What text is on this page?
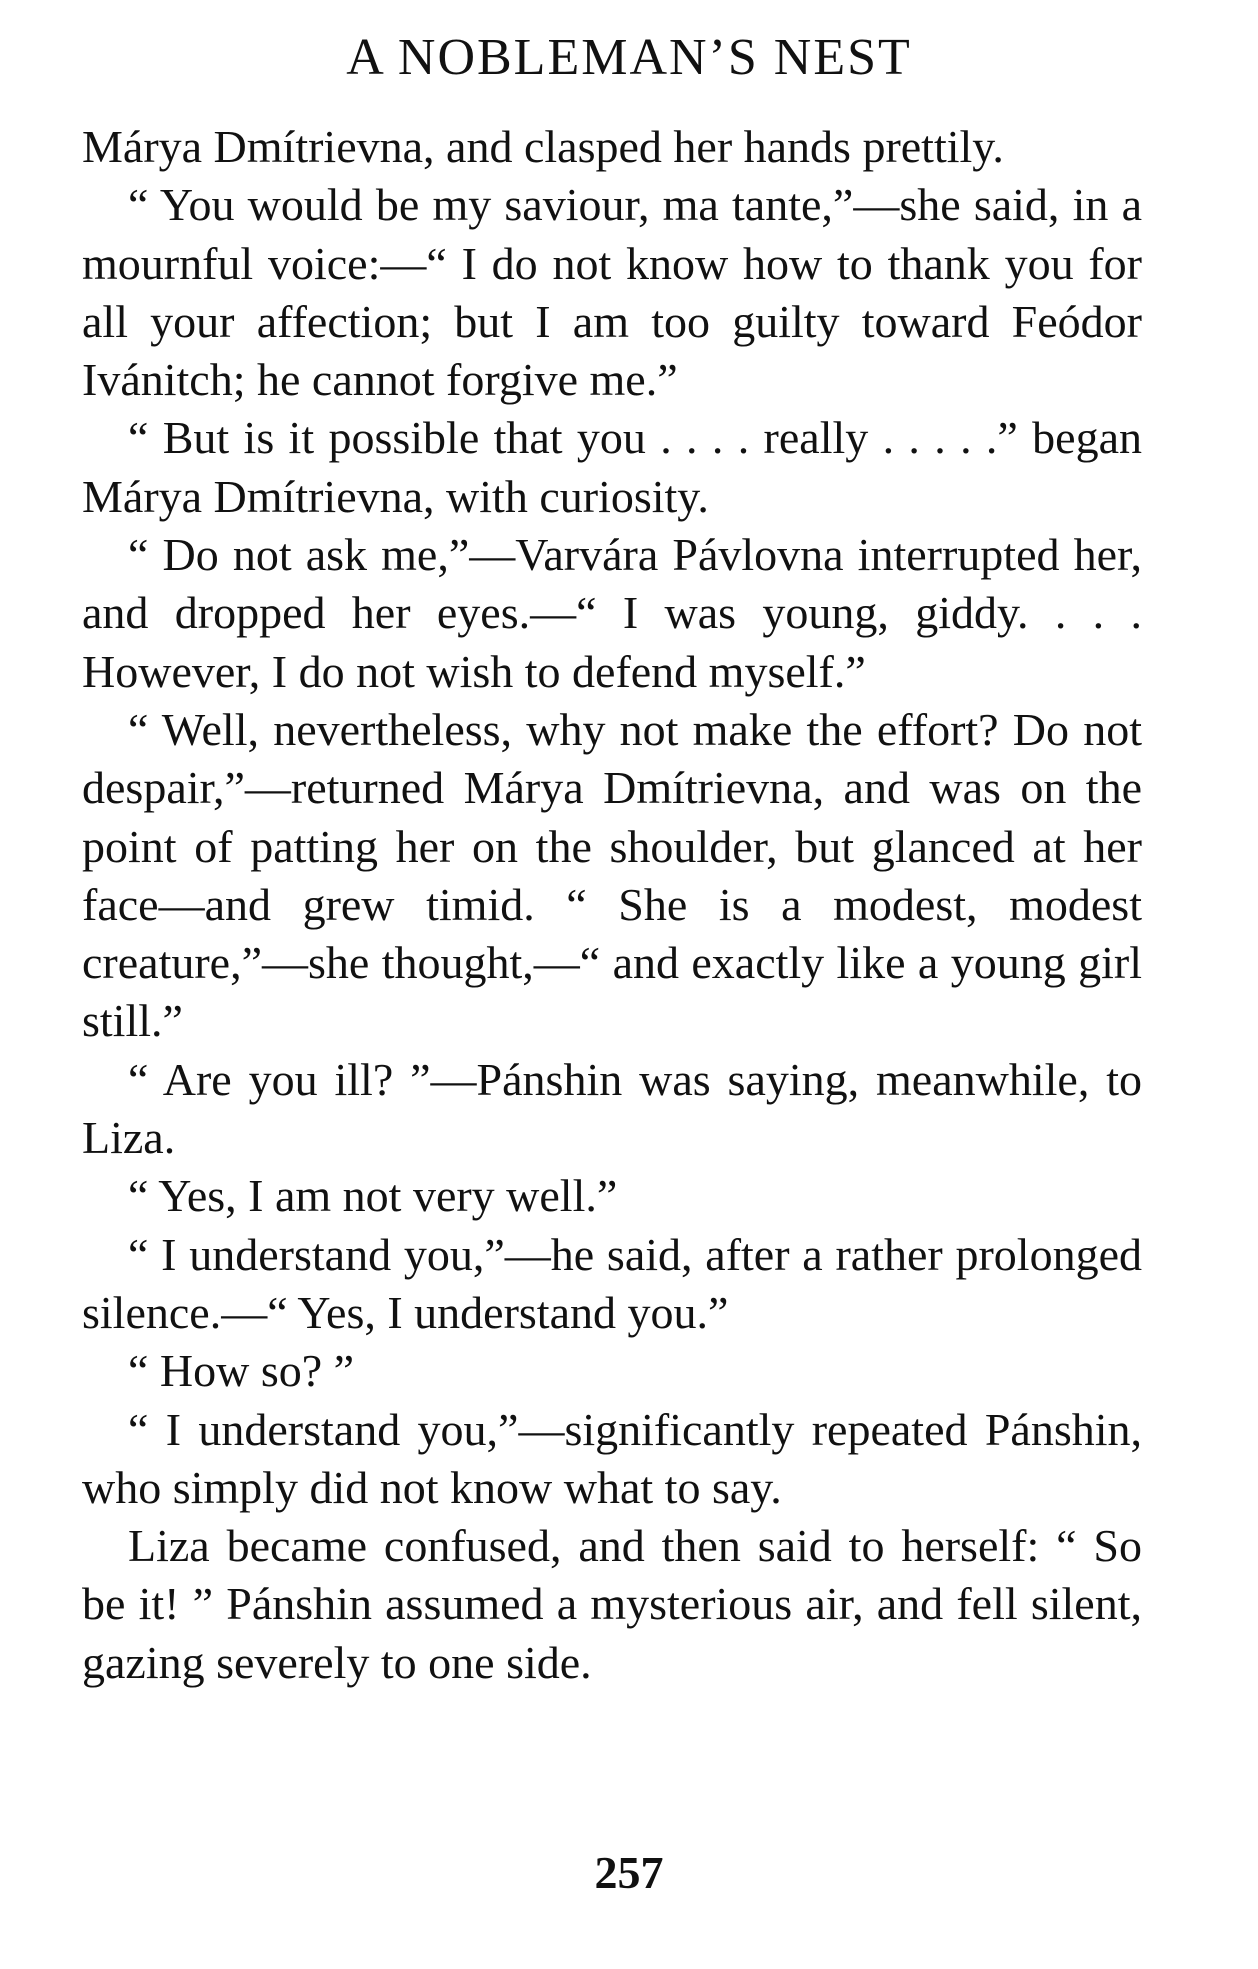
A NOBLEMAN’S NEST

Márya Dmítrievna, and clasped her hands prettily.

“ You would be my saviour, ma tante,”—she said, in a mournful voice:—“ I do not know how to thank you for all your affection; but I am too guilty toward Feódor Ivánitch; he cannot forgive me.”

“ But is it possible that you . . . . really . . . . .” began Márya Dmítrievna, with curiosity.

“ Do not ask me,”—Varvára Pávlovna interrupted her, and dropped her eyes.—“ I was young, giddy. . . . However, I do not wish to defend myself.”

“ Well, nevertheless, why not make the effort? Do not despair,”—returned Márya Dmítrievna, and was on the point of patting her on the shoulder, but glanced at her face—and grew timid. “ She is a modest, modest creature,”—she thought,—“ and exactly like a young girl still.”

“ Are you ill? ”—Pánshin was saying, meanwhile, to Liza.

“ Yes, I am not very well.”

“ I understand you,”—he said, after a rather prolonged silence.—“ Yes, I understand you.”

“ How so? ”

“ I understand you,”—significantly repeated Pánshin, who simply did not know what to say.

Liza became confused, and then said to herself: “ So be it! ” Pánshin assumed a mysterious air, and fell silent, gazing severely to one side.

257
